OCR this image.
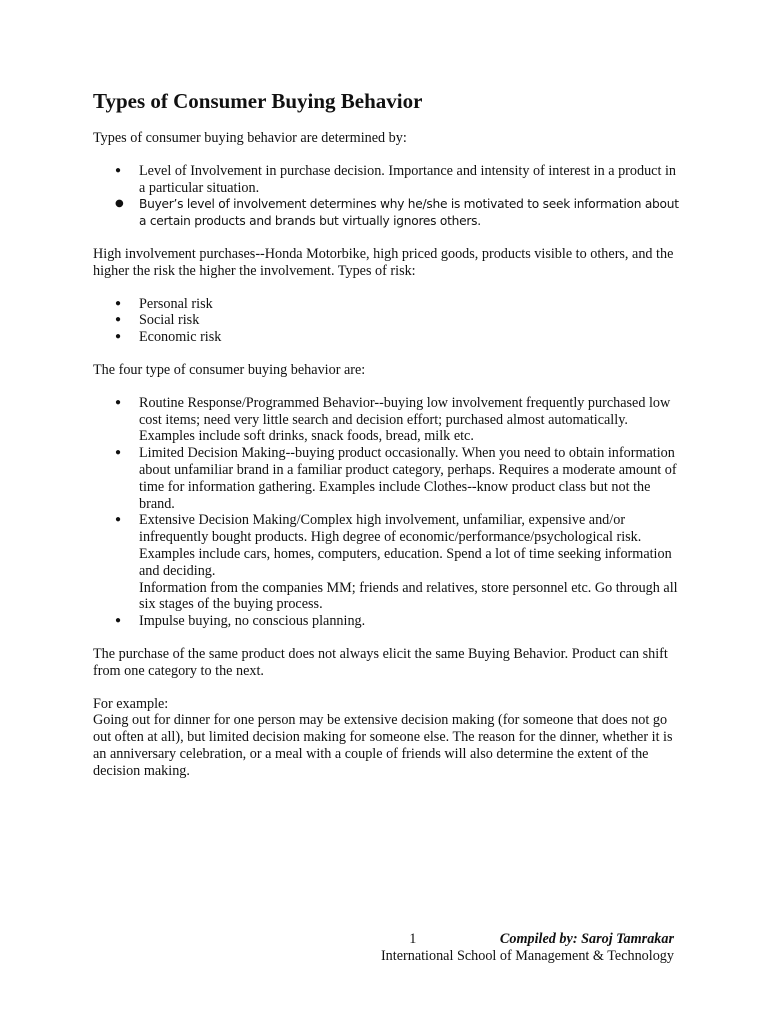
Types of Consumer Buying Behavior

Types of consumer buying behavior are determined by:

● Level of Involvement in purchase decision. Importance and intensity of interest in a product in a particular situation.
● Buyer’s level of involvement determines why he/she is motivated to seek information about a certain products and brands but virtually ignores others.

High involvement purchases--Honda Motorbike, high priced goods, products visible to others, and the higher the risk the higher the involvement. Types of risk:

● Personal risk
● Social risk
● Economic risk

The four type of consumer buying behavior are:

● Routine Response/Programmed Behavior--buying low involvement frequently purchased low cost items; need very little search and decision effort; purchased almost automatically. Examples include soft drinks, snack foods, bread, milk etc.
● Limited Decision Making--buying product occasionally. When you need to obtain information about unfamiliar brand in a familiar product category, perhaps. Requires a moderate amount of time for information gathering. Examples include Clothes--know product class but not the brand.
● Extensive Decision Making/Complex high involvement, unfamiliar, expensive and/or infrequently bought products. High degree of economic/performance/psychological risk. Examples include cars, homes, computers, education. Spend a lot of time seeking information and deciding.
Information from the companies MM; friends and relatives, store personnel etc. Go through all six stages of the buying process.
● Impulse buying, no conscious planning.

The purchase of the same product does not always elicit the same Buying Behavior. Product can shift from one category to the next.

For example:

Going out for dinner for one person may be extensive decision making (for someone that does not go out often at all), but limited decision making for someone else. The reason for the dinner, whether it is an anniversary celebration, or a meal with a couple of friends will also determine the extent of the decision making.

1	Compiled by: Saroj Tamrakar
International School of Management & Technology
